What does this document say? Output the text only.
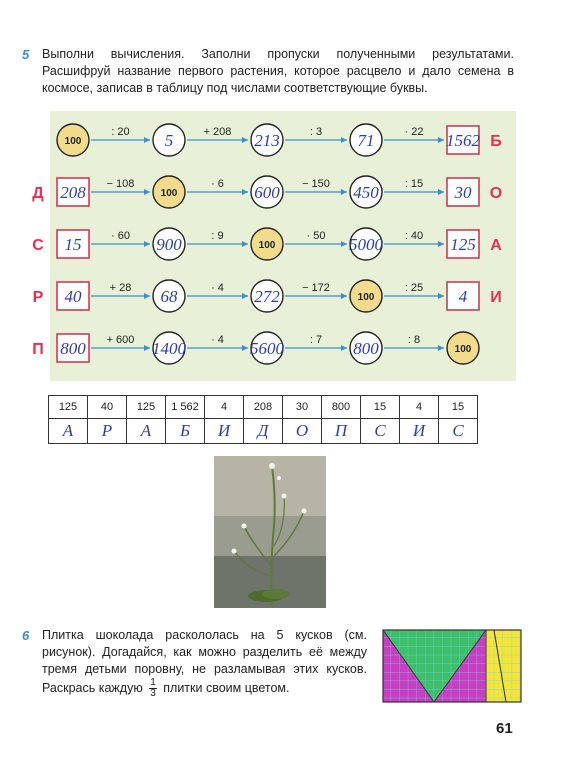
5 Выполни вычисления. Заполни пропуски полученными результатами. Расшифруй название первого растения, которое расцвело и дало семена в космосе, записав в таблицу под числами соответствующие буквы.
100
: 20 5	+ 208 213	: 3 71	· 22 1562 Б
Д 208 − 108
100
· 6 600 − 150 450 : 15 30 О
С 15	· 60 900	: 9
100
· 50 5000 : 40 125 А
Р 40	+ 28 68	· 4 272 − 172
100
: 25 4 И
П 800 + 600 1400 · 4 5600 : 7 800	: 8
100
125	40	125	1 562	4	208	30	800	15	4	15
А	Р	А	Б	И	Д	О	П	С	И	С
6 Плитка шоколада раскололась на 5 кусков (см. рисунок). Догадайся, как можно разделить её между тремя детьми поровну, не разламывая этих кусков. Раскрась каждую $\frac{1}{3}$ плитки своим цветом.
61
